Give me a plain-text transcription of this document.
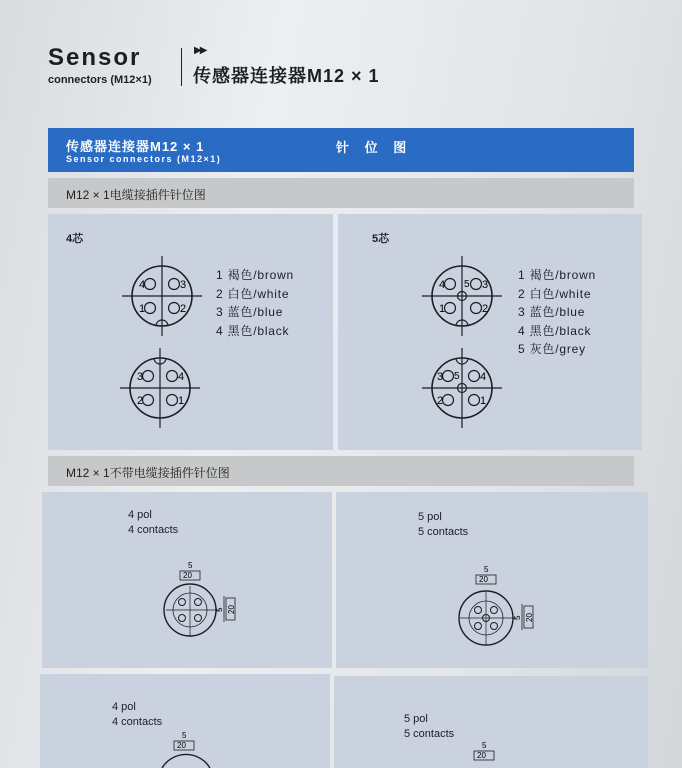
Sensor
connectors (M12×1)
▶▶
传感器连接器M12 × 1
传感器连接器M12 × 1
Sensor connectors (M12×1)
针 位 图
M12 × 1电缆接插件针位图
4芯
4	3
1	2
1 褐色/brown
2 白色/white
3 蓝色/blue
4 黑色/black
3	4
2	1
5芯
4	3
1	2
5
1 褐色/brown
2 白色/white
3 蓝色/blue
4 黑色/black
5 灰色/grey
3	4
2	1
5
M12 × 1不带电缆接插件针位图
4 pol
4 contacts
5
20
5 20
5 pol
5 contacts
5
20
5 20
4 pol
4 contacts
5
20
5 pol
5 contacts
5
20
